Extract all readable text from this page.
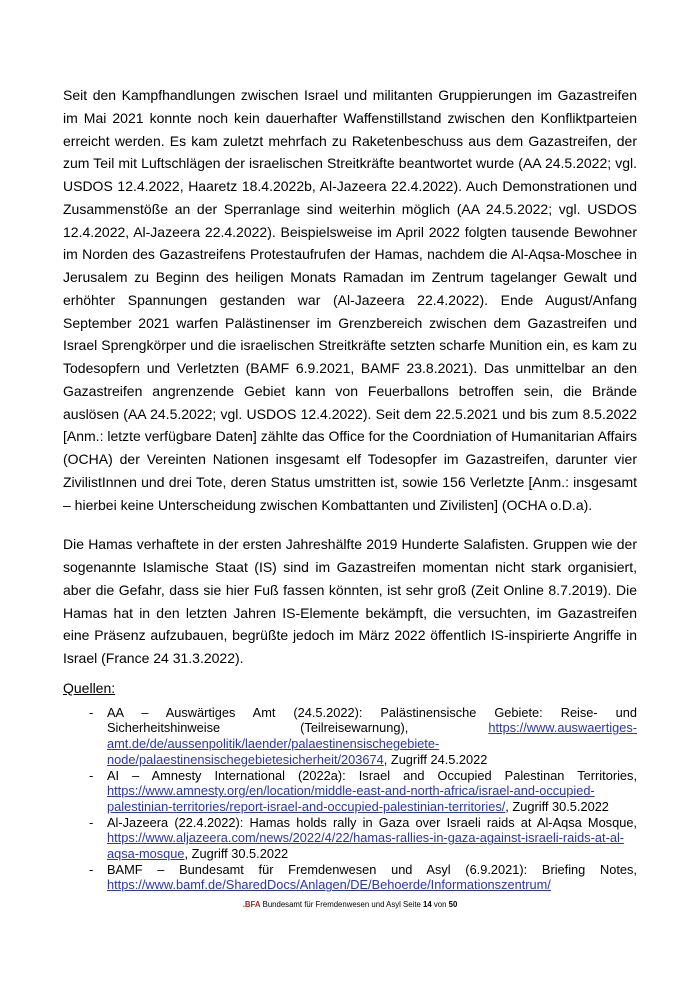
Seit den Kampfhandlungen zwischen Israel und militanten Gruppierungen im Gazastreifen im Mai 2021 konnte noch kein dauerhafter Waffenstillstand zwischen den Konfliktparteien erreicht werden. Es kam zuletzt mehrfach zu Raketenbeschuss aus dem Gazastreifen, der zum Teil mit Luftschlägen der israelischen Streitkräfte beantwortet wurde (AA 24.5.2022; vgl. USDOS 12.4.2022, Haaretz 18.4.2022b, Al-Jazeera 22.4.2022). Auch Demonstrationen und Zusammenstöße an der Sperranlage sind weiterhin möglich (AA 24.5.2022; vgl. USDOS 12.4.2022, Al-Jazeera 22.4.2022). Beispielsweise im April 2022 folgten tausende Bewohner im Norden des Gazastreifens Protestaufrufen der Hamas, nachdem die Al-Aqsa-Moschee in Jerusalem zu Beginn des heiligen Monats Ramadan im Zentrum tagelanger Gewalt und erhöhter Spannungen gestanden war (Al-Jazeera 22.4.2022). Ende August/Anfang September 2021 warfen Palästinenser im Grenzbereich zwischen dem Gazastreifen und Israel Sprengkörper und die israelischen Streitkräfte setzten scharfe Munition ein, es kam zu Todesopfern und Verletzten (BAMF 6.9.2021, BAMF 23.8.2021). Das unmittelbar an den Gazastreifen angrenzende Gebiet kann von Feuerballons betroffen sein, die Brände auslösen (AA 24.5.2022; vgl. USDOS 12.4.2022). Seit dem 22.5.2021 und bis zum 8.5.2022 [Anm.: letzte verfügbare Daten] zählte das Office for the Coordniation of Humanitarian Affairs (OCHA) der Vereinten Nationen insgesamt elf Todesopfer im Gazastreifen, darunter vier ZivilistInnen und drei Tote, deren Status umstritten ist, sowie 156 Verletzte [Anm.: insgesamt – hierbei keine Unterscheidung zwischen Kombattanten und Zivilisten] (OCHA o.D.a).

Die Hamas verhaftete in der ersten Jahreshälfte 2019 Hunderte Salafisten. Gruppen wie der sogenannte Islamische Staat (IS) sind im Gazastreifen momentan nicht stark organisiert, aber die Gefahr, dass sie hier Fuß fassen könnten, ist sehr groß (Zeit Online 8.7.2019). Die Hamas hat in den letzten Jahren IS-Elemente bekämpft, die versuchten, im Gazastreifen eine Präsenz aufzubauen, begrüßte jedoch im März 2022 öffentlich IS-inspirierte Angriffe in Israel (France 24 31.3.2022).

Quellen:
- AA – Auswärtiges Amt (24.5.2022): Palästinensische Gebiete: Reise- und Sicherheitshinweise (Teilreisewarnung), https://www.auswaertiges-amt.de/de/aussenpolitik/laender/palaestinensischegebiete-node/palaestinensischegebietesicherheit/203674, Zugriff 24.5.2022
- AI – Amnesty International (2022a): Israel and Occupied Palestinan Territories, https://www.amnesty.org/en/location/middle-east-and-north-africa/israel-and-occupied-palestinian-territories/report-israel-and-occupied-palestinian-territories/, Zugriff 30.5.2022
- Al-Jazeera (22.4.2022): Hamas holds rally in Gaza over Israeli raids at Al-Aqsa Mosque, https://www.aljazeera.com/news/2022/4/22/hamas-rallies-in-gaza-against-israeli-raids-at-al-aqsa-mosque, Zugriff 30.5.2022
- BAMF – Bundesamt für Fremdenwesen und Asyl (6.9.2021): Briefing Notes, https://www.bamf.de/SharedDocs/Anlagen/DE/Behoerde/Informationszentrum/
.BFA Bundesamt für Fremdenwesen und Asyl Seite 14 von 50
